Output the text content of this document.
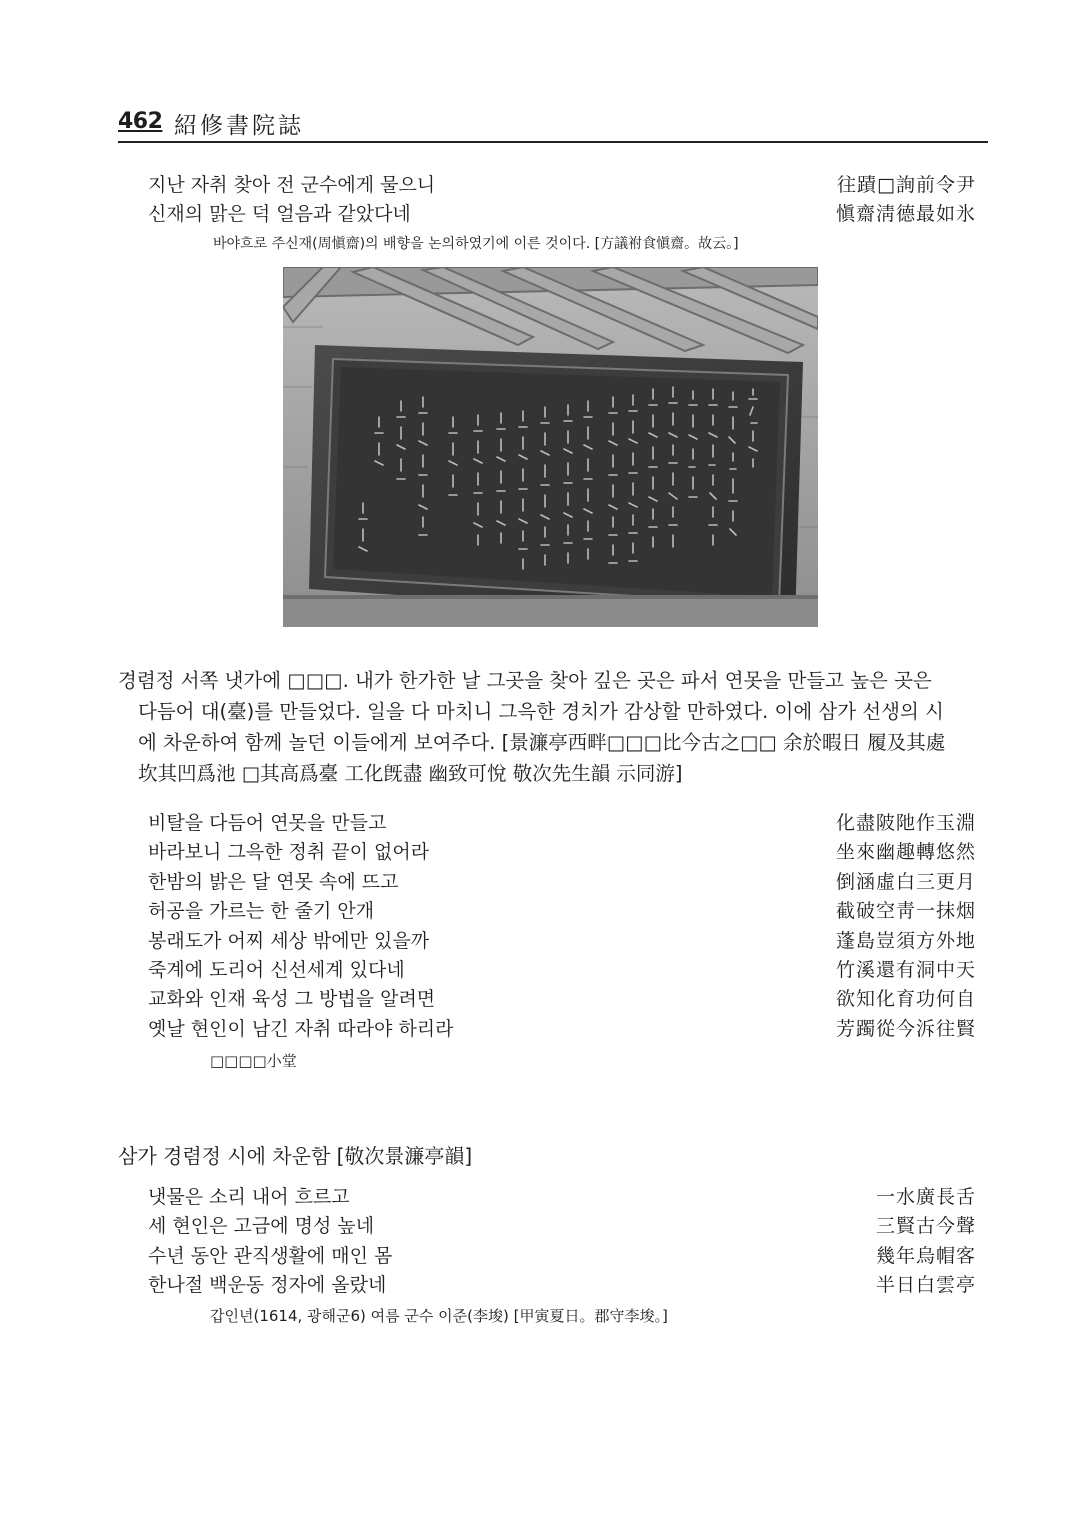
462 紹修書院誌
지난 자취 찾아 전 군수에게 물으니	往蹟□詢前令尹
신재의 맑은 덕 얼음과 같았다네	愼齋淸德最如氷
바야흐로 주신재(周愼齋)의 배향을 논의하였기에 이른 것이다. [方議祔食愼齋。故云。]
경렴정 서쪽 냇가에 □□□. 내가 한가한 날 그곳을 찾아 깊은 곳은 파서 연못을 만들고 높은 곳은
다듬어 대(臺)를 만들었다. 일을 다 마치니 그윽한 경치가 감상할 만하였다. 이에 삼가 선생의 시
에 차운하여 함께 놀던 이들에게 보여주다. [景濂亭西畔□□□比今古之□□ 余於暇日 履及其處
坎其凹爲池 □其高爲臺 工化旣盡 幽致可悅 敬次先生韻 示同游]
비탈을 다듬어 연못을 만들고	化盡陂阤作玉淵
바라보니 그윽한 정취 끝이 없어라	坐來幽趣轉悠然
한밤의 밝은 달 연못 속에 뜨고	倒涵虛白三更月
허공을 가르는 한 줄기 안개	截破空靑一抹烟
봉래도가 어찌 세상 밖에만 있을까	蓬島豈須方外地
죽계에 도리어 신선세계 있다네	竹溪還有洞中天
교화와 인재 육성 그 방법을 알려면	欲知化育功何自
옛날 현인이 남긴 자취 따라야 하리라	芳躅從今泝往賢
□□□□小堂
삼가 경렴정 시에 차운함 [敬次景濂亭韻]
냇물은 소리 내어 흐르고	一水廣長舌
세 현인은 고금에 명성 높네	三賢古今聲
수년 동안 관직생활에 매인 몸	幾年烏帽客
한나절 백운동 정자에 올랐네	半日白雲亭
갑인년(1614, 광해군6) 여름 군수 이준(李埈) [甲寅夏日。郡守李埈。]
